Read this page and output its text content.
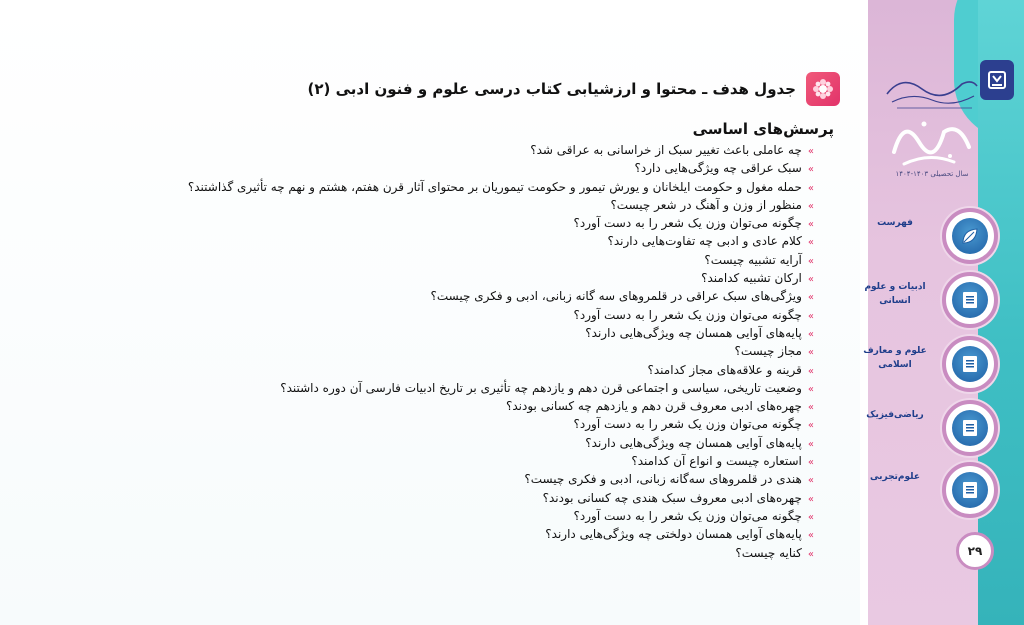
جدول هدف ـ محتوا و ارزشیابی کتاب درسی علوم و فنون ادبی (۲)
پرسش‌های اساسی
»چه عاملی باعث تغییر سبک از خراسانی به عراقی شد؟
»سبک عراقی چه ویژگی‌هایی دارد؟
»حمله مغول و حکومت ایلخانان و یورش تیمور و حکومت تیموریان بر محتوای آثار قرن هفتم، هشتم و نهم چه تأثیری گذاشتند؟
»منظور از وزن و آهنگ در شعر چیست؟
»چگونه می‌توان وزن یک شعر را به دست آورد؟
»کلام عادی و ادبی چه تفاوت‌هایی دارند؟
»آرایه تشبیه چیست؟
»ارکان تشبیه کدامند؟
»ویژگی‌های سبک عراقی در قلمروهای سه گانه زبانی، ادبی و فکری چیست؟
»چگونه می‌توان وزن یک شعر را به دست آورد؟
»پایه‌های آوایی همسان چه ویژگی‌هایی دارند؟
»مجاز چیست؟
»قرینه و علاقه‌های مجاز کدامند؟
»وضعیت تاریخی، سیاسی و اجتماعی قرن دهم و یازدهم چه تأثیری بر تاریخ ادبیات فارسی آن دوره داشتند؟
»چهره‌های ادبی معروف قرن دهم و یازدهم چه کسانی بودند؟
»چگونه می‌توان وزن یک شعر را به دست آورد؟
»پایه‌های آوایی همسان چه ویژگی‌هایی دارند؟
»استعاره چیست و انواع آن کدامند؟
»هندی در قلمروهای سه‌گانه زبانی، ادبی و فکری چیست؟
»چهره‌های ادبی معروف سبک هندی چه کسانی بودند؟
»چگونه می‌توان وزن یک شعر را به دست آورد؟
»پایه‌های آوایی همسان دولختی چه ویژگی‌هایی دارند؟
»کنایه چیست؟
سال تحصیلی ۱۴۰۳-۱۴۰۴
فهرست
ادبیات و علوم انسانی
علوم و معارف اسلامی
ریاضی‌فیزیک
علوم‌تجربی
۲۹
